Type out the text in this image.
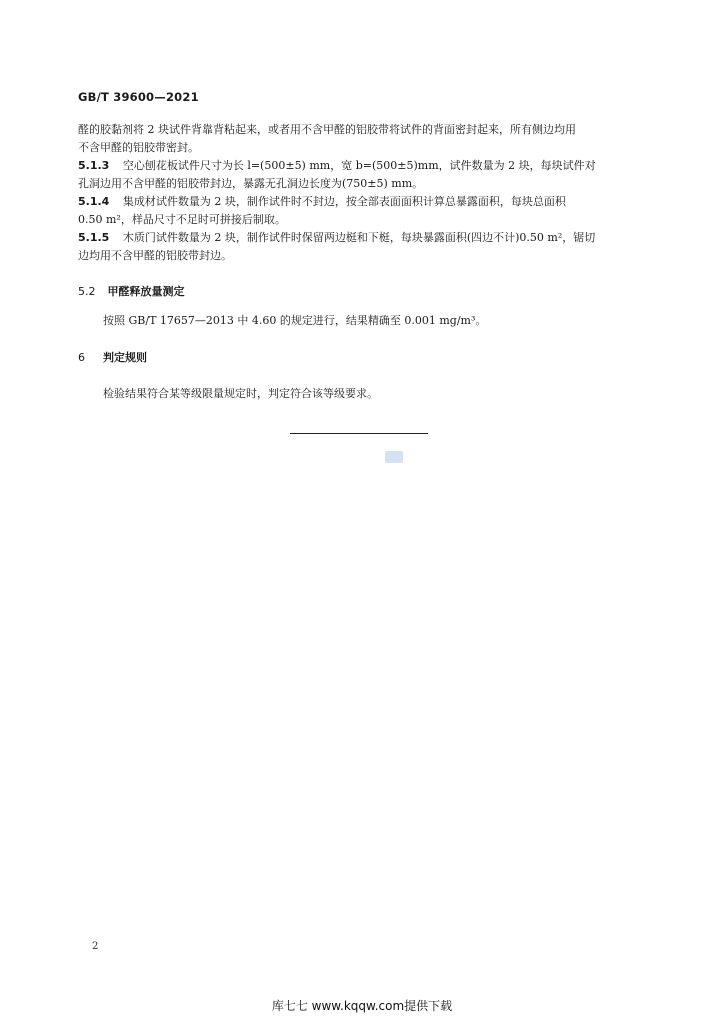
GB/T 39600—2021
醛的胶黏剂将 2 块试件背靠背粘起来，或者用不含甲醛的铝胶带将试件的背面密封起来，所有侧边均用
不含甲醛的铝胶带密封。
5.1.3 空心刨花板试件尺寸为长 l=(500±5) mm，宽 b=(500±5)mm，试件数量为 2 块，每块试件对
孔洞边用不含甲醛的铝胶带封边，暴露无孔洞边长度为(750±5) mm。
5.1.4 集成材试件数量为 2 块，制作试件时不封边，按全部表面面积计算总暴露面积，每块总面积
0.50 m²，样品尺寸不足时可拼接后制取。
5.1.5 木质门试件数量为 2 块，制作试件时保留两边梃和下梃，每块暴露面积(四边不计)0.50 m²，锯切
边均用不含甲醛的铝胶带封边。
5.2 甲醛释放量测定
按照 GB/T 17657—2013 中 4.60 的规定进行，结果精确至 0.001 mg/m³。
6 判定规则
检验结果符合某等级限量规定时，判定符合该等级要求。
2
库七七 www.kqqw.com提供下载
